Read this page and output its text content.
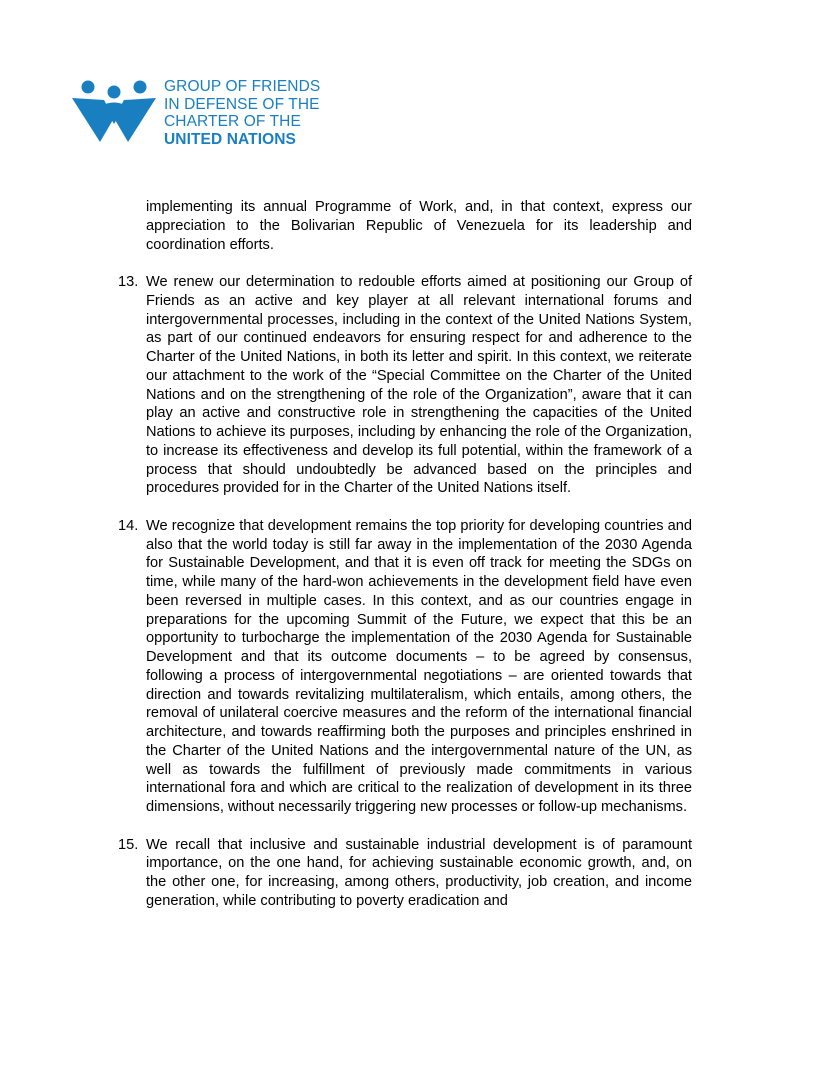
GROUP OF FRIENDS
IN DEFENSE OF THE
CHARTER OF THE
UNITED NATIONS
implementing its annual Programme of Work, and, in that context, express our appreciation to the Bolivarian Republic of Venezuela for its leadership and coordination efforts.
13. We renew our determination to redouble efforts aimed at positioning our Group of Friends as an active and key player at all relevant international forums and intergovernmental processes, including in the context of the United Nations System, as part of our continued endeavors for ensuring respect for and adherence to the Charter of the United Nations, in both its letter and spirit. In this context, we reiterate our attachment to the work of the “Special Committee on the Charter of the United Nations and on the strengthening of the role of the Organization”, aware that it can play an active and constructive role in strengthening the capacities of the United Nations to achieve its purposes, including by enhancing the role of the Organization, to increase its effectiveness and develop its full potential, within the framework of a process that should undoubtedly be advanced based on the principles and procedures provided for in the Charter of the United Nations itself.
14. We recognize that development remains the top priority for developing countries and also that the world today is still far away in the implementation of the 2030 Agenda for Sustainable Development, and that it is even off track for meeting the SDGs on time, while many of the hard-won achievements in the development field have even been reversed in multiple cases. In this context, and as our countries engage in preparations for the upcoming Summit of the Future, we expect that this be an opportunity to turbocharge the implementation of the 2030 Agenda for Sustainable Development and that its outcome documents – to be agreed by consensus, following a process of intergovernmental negotiations – are oriented towards that direction and towards revitalizing multilateralism, which entails, among others, the removal of unilateral coercive measures and the reform of the international financial architecture, and towards reaffirming both the purposes and principles enshrined in the Charter of the United Nations and the intergovernmental nature of the UN, as well as towards the fulfillment of previously made commitments in various international fora and which are critical to the realization of development in its three dimensions, without necessarily triggering new processes or follow-up mechanisms.
15. We recall that inclusive and sustainable industrial development is of paramount importance, on the one hand, for achieving sustainable economic growth, and, on the other one, for increasing, among others, productivity, job creation, and income generation, while contributing to poverty eradication and
